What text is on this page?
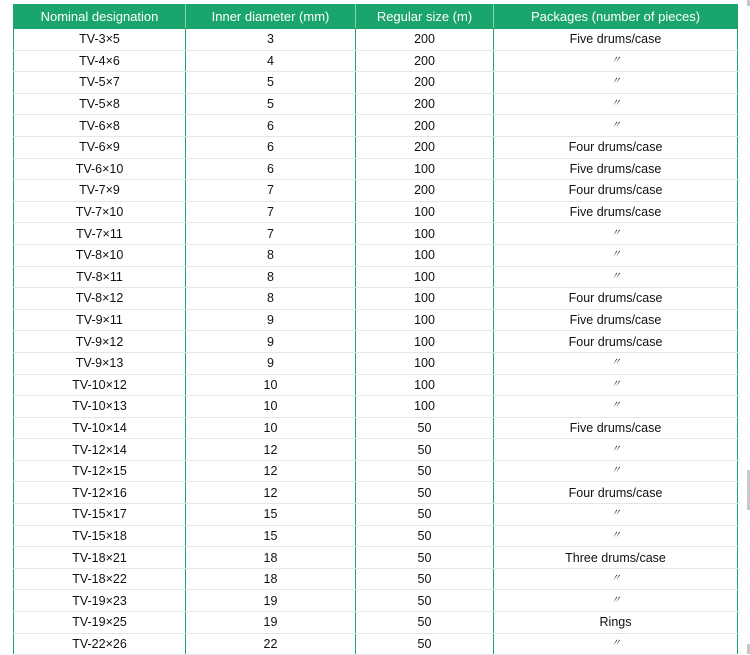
Nominal designation	Inner diameter (mm)	Regular size (m)	Packages (number of pieces)
TV-3×5	3	200	Five drums/case
TV-4×6	4	200	〃
TV-5×7	5	200	〃
TV-5×8	5	200	〃
TV-6×8	6	200	〃
TV-6×9	6	200	Four drums/case
TV-6×10	6	100	Five drums/case
TV-7×9	7	200	Four drums/case
TV-7×10	7	100	Five drums/case
TV-7×11	7	100	〃
TV-8×10	8	100	〃
TV-8×11	8	100	〃
TV-8×12	8	100	Four drums/case
TV-9×11	9	100	Five drums/case
TV-9×12	9	100	Four drums/case
TV-9×13	9	100	〃
TV-10×12	10	100	〃
TV-10×13	10	100	〃
TV-10×14	10	50	Five drums/case
TV-12×14	12	50	〃
TV-12×15	12	50	〃
TV-12×16	12	50	Four drums/case
TV-15×17	15	50	〃
TV-15×18	15	50	〃
TV-18×21	18	50	Three drums/case
TV-18×22	18	50	〃
TV-19×23	19	50	〃
TV-19×25	19	50	Rings
TV-22×26	22	50	〃
